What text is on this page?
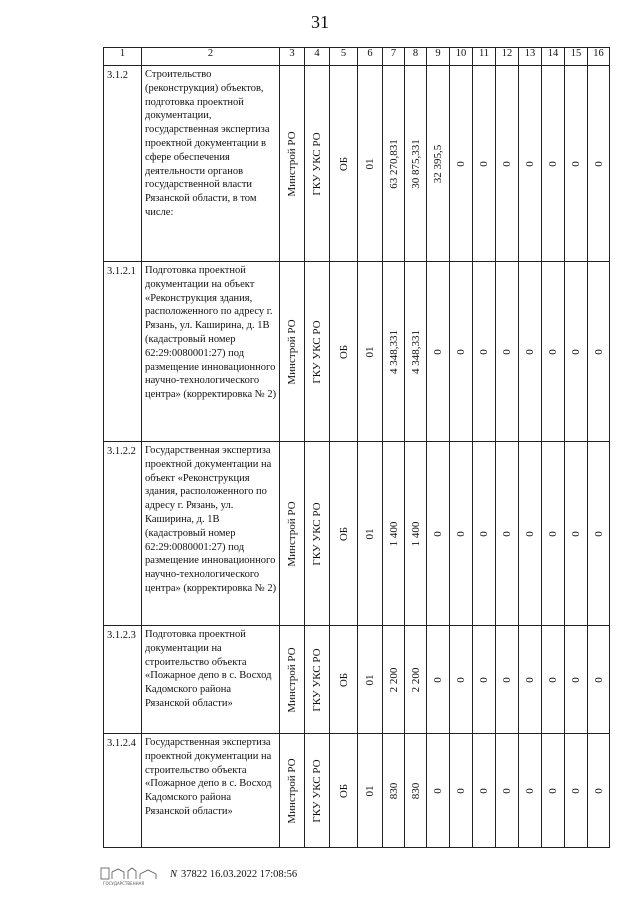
31
1	2	3	4	5	6	7	8	9	10	11	12	13	14	15	16
3.1.2	Строительство (реконструкция) объектов, подготовка проектной документации, государственная экспертиза проектной документации в сфере обеспечения деятельности органов государственной власти Рязанской области, в том числе:	Минстрой РО	ГКУ УКС РО	ОБ	01	63 270,831	30 875,331	32 395,5	0	0	0	0	0	0	0

3.1.2.1	Подготовка проектной документации на объект «Реконструкция здания, расположенного по адресу г. Рязань, ул. Каширина, д. 1В (кадастровый номер 62:29:0080001:27) под размещение инновационного научно-технологического центра» (корректировка № 2)	Минстрой РО	ГКУ УКС РО	ОБ	01	4 348,331	4 348,331	0	0	0	0	0	0	0	0

3.1.2.2	Государственная экспертиза проектной документации на объект «Реконструкция здания, расположенного по адресу г. Рязань, ул. Каширина, д. 1В (кадастровый номер 62:29:0080001:27) под размещение инновационного научно-технологического центра» (корректировка № 2)	Минстрой РО	ГКУ УКС РО	ОБ	01	1 400	1 400	0	0	0	0	0	0	0	0

3.1.2.3	Подготовка проектной документации на строительство объекта «Пожарное депо в с. Восход Кадомского района Рязанской области»	Минстрой РО	ГКУ УКС РО	ОБ	01	2 200	2 200	0	0	0	0	0	0	0	0

3.1.2.4	Государственная экспертиза проектной документации на строительство объекта «Пожарное депо в с. Восход Кадомского района Рязанской области»	Минстрой РО	ГКУ УКС РО	ОБ	01	830	830	0	0	0	0	0	0	0	0
ГОСУДАРСТВЕННАЯ
N 37822 16.03.2022 17:08:56
